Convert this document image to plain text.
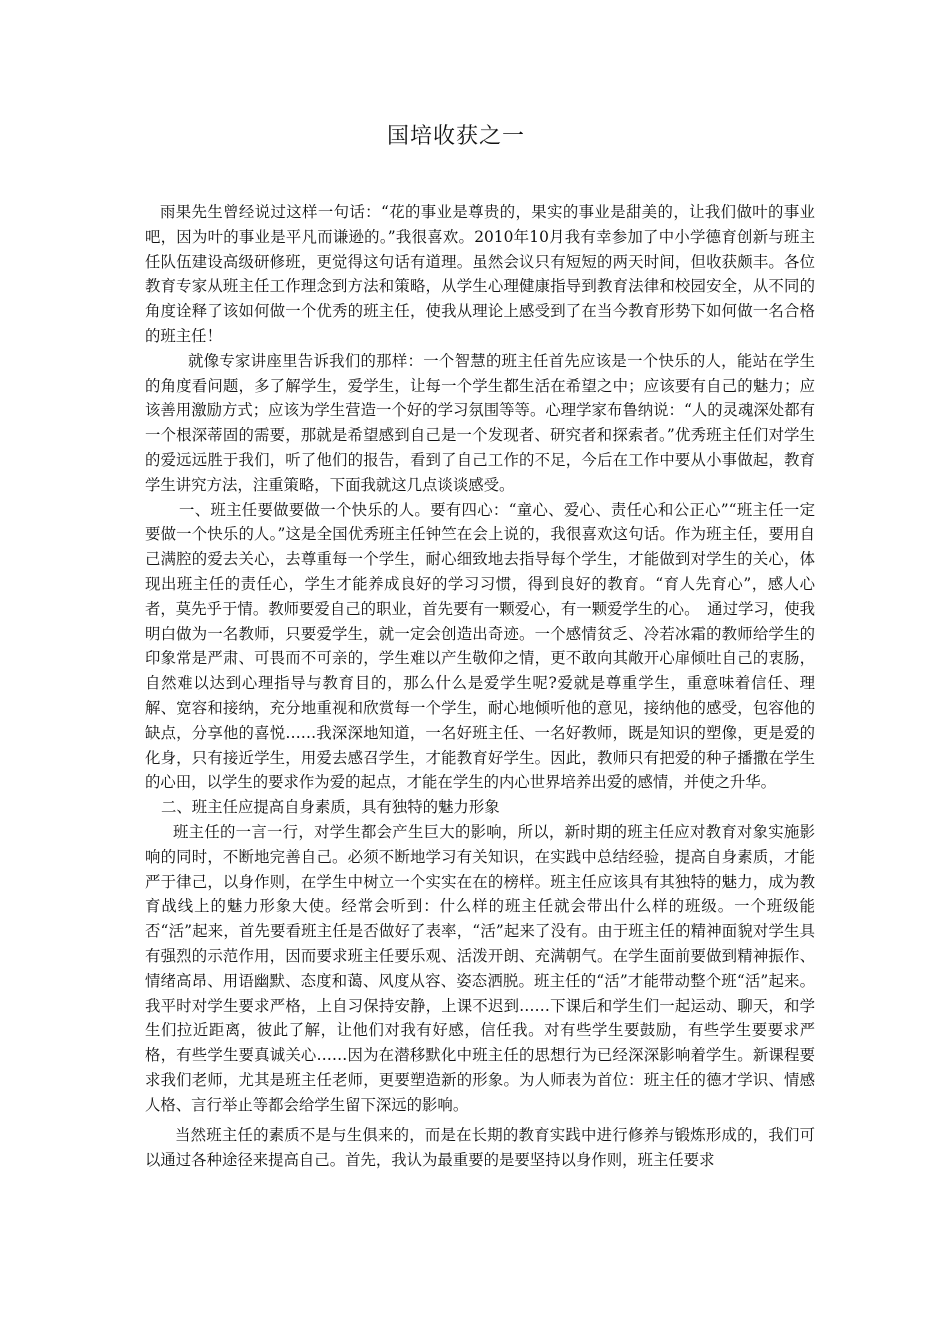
国培收获之一

雨果先生曾经说过这样一句话：“花的事业是尊贵的，果实的事业是甜美的，让我们做叶的事业吧，因为叶的事业是平凡而谦逊的。”我很喜欢。2010年10月我有幸参加了中小学德育创新与班主任队伍建设高级研修班，更觉得这句话有道理。虽然会议只有短短的两天时间，但收获颇丰。各位教育专家从班主任工作理念到方法和策略，从学生心理健康指导到教育法律和校园安全，从不同的角度诠释了该如何做一个优秀的班主任，使我从理论上感受到了在当今教育形势下如何做一名合格的班主任！

就像专家讲座里告诉我们的那样：一个智慧的班主任首先应该是一个快乐的人，能站在学生的角度看问题，多了解学生，爱学生，让每一个学生都生活在希望之中；应该要有自己的魅力；应该善用激励方式；应该为学生营造一个好的学习氛围等等。心理学家布鲁纳说：“人的灵魂深处都有一个根深蒂固的需要，那就是希望感到自己是一个发现者、研究者和探索者。”优秀班主任们对学生的爱远远胜于我们，听了他们的报告，看到了自己工作的不足，今后在工作中要从小事做起，教育学生讲究方法，注重策略，下面我就这几点谈谈感受。

一、班主任要做要做一个快乐的人。要有四心：“童心、爱心、责任心和公正心”“班主任一定要做一个快乐的人。”这是全国优秀班主任钟竺在会上说的，我很喜欢这句话。作为班主任，要用自己满腔的爱去关心，去尊重每一个学生，耐心细致地去指导每个学生，才能做到对学生的关心，体现出班主任的责任心，学生才能养成良好的学习习惯，得到良好的教育。“育人先育心”，感人心者，莫先乎于情。教师要爱自己的职业，首先要有一颗爱心，有一颗爱学生的心。　通过学习，使我明白做为一名教师，只要爱学生，就一定会创造出奇迹。一个感情贫乏、冷若冰霜的教师给学生的印象常是严肃、可畏而不可亲的，学生难以产生敬仰之情，更不敢向其敞开心扉倾吐自己的衷肠，自然难以达到心理指导与教育目的，那么什么是爱学生呢?爱就是尊重学生，重意味着信任、理解、宽容和接纳，充分地重视和欣赏每一个学生，耐心地倾听他的意见，接纳他的感受，包容他的缺点，分享他的喜悦……我深深地知道，一名好班主任、一名好教师，既是知识的塑像，更是爱的化身，只有接近学生，用爱去感召学生，才能教育好学生。因此，教师只有把爱的种子播撒在学生的心田，以学生的要求作为爱的起点，才能在学生的内心世界培养出爱的感情，并使之升华。

二、班主任应提高自身素质，具有独特的魅力形象

班主任的一言一行，对学生都会产生巨大的影响，所以，新时期的班主任应对教育对象实施影响的同时，不断地完善自己。必须不断地学习有关知识，在实践中总结经验，提高自身素质，才能严于律己，以身作则，在学生中树立一个实实在在的榜样。班主任应该具有其独特的魅力，成为教育战线上的魅力形象大使。经常会听到：什么样的班主任就会带出什么样的班级。一个班级能否“活”起来，首先要看班主任是否做好了表率，“活”起来了没有。由于班主任的精神面貌对学生具有强烈的示范作用，因而要求班主任要乐观、活泼开朗、充满朝气。在学生面前要做到精神振作、情绪高昂、用语幽默、态度和蔼、风度从容、姿态洒脱。班主任的“活”才能带动整个班“活”起来。我平时对学生要求严格，上自习保持安静，上课不迟到……下课后和学生们一起运动、聊天，和学生们拉近距离，彼此了解，让他们对我有好感，信任我。对有些学生要鼓励，有些学生要要求严格，有些学生要真诚关心……因为在潜移默化中班主任的思想行为已经深深影响着学生。新课程要求我们老师，尤其是班主任老师，更要塑造新的形象。为人师表为首位：班主任的德才学识、情感人格、言行举止等都会给学生留下深远的影响。

当然班主任的素质不是与生俱来的，而是在长期的教育实践中进行修养与锻炼形成的，我们可以通过各种途径来提高自己。首先，我认为最重要的是要坚持以身作则，班主任要求
